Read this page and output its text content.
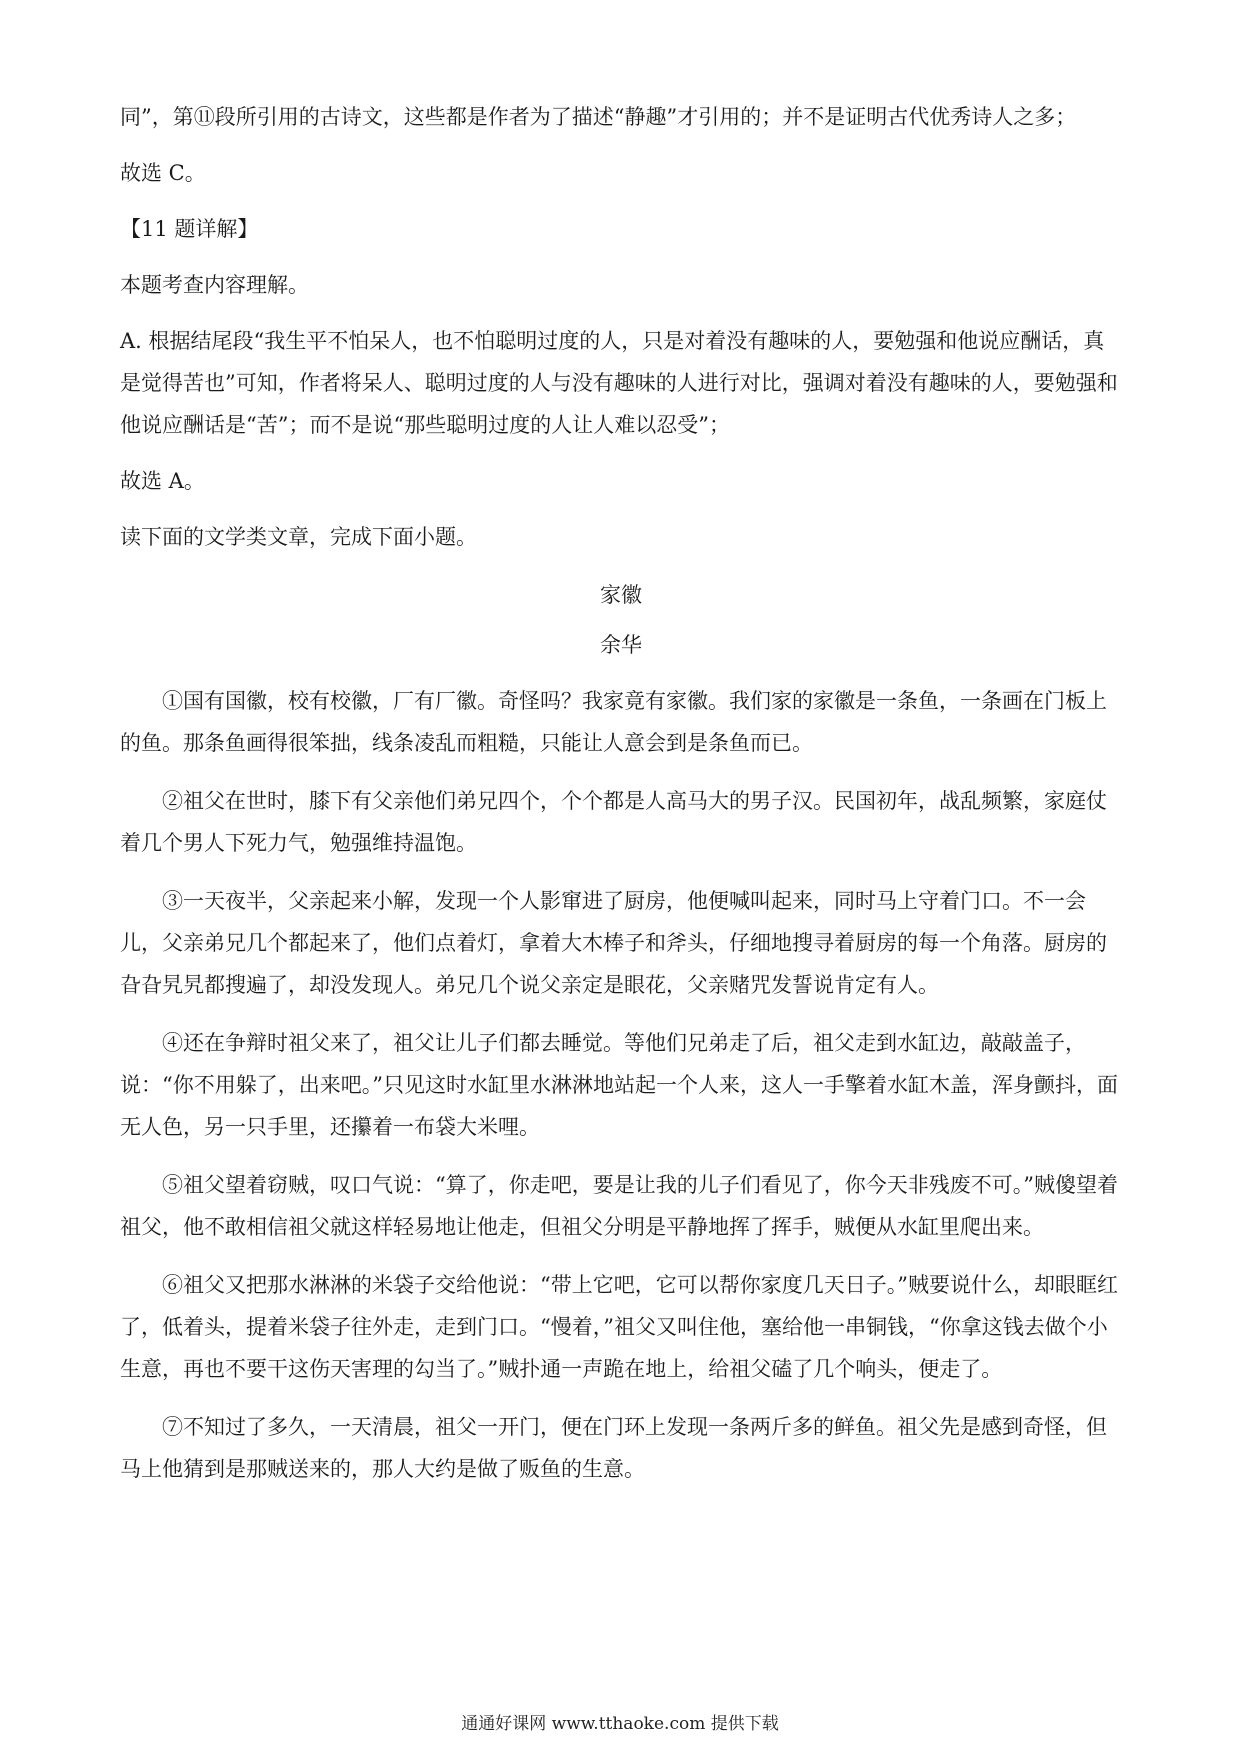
同”，第⑪段所引用的古诗文，这些都是作者为了描述“静趣”才引用的；并不是证明古代优秀诗人之多；

故选 C。

【11 题详解】

本题考查内容理解。

A. 根据结尾段“我生平不怕呆人，也不怕聪明过度的人，只是对着没有趣味的人，要勉强和他说应酬话，真是觉得苦也”可知，作者将呆人、聪明过度的人与没有趣味的人进行对比，强调对着没有趣味的人，要勉强和他说应酬话是“苦”；而不是说“那些聪明过度的人让人难以忍受”；

故选 A。

读下面的文学类文章，完成下面小题。

家徽

余华

①国有国徽，校有校徽，厂有厂徽。奇怪吗？我家竟有家徽。我们家的家徽是一条鱼，一条画在门板上的鱼。那条鱼画得很笨拙，线条凌乱而粗糙，只能让人意会到是条鱼而已。

②祖父在世时，膝下有父亲他们弟兄四个，个个都是人高马大的男子汉。民国初年，战乱频繁，家庭仗着几个男人下死力气，勉强维持温饱。

③一天夜半，父亲起来小解，发现一个人影窜进了厨房，他便喊叫起来，同时马上守着门口。不一会儿，父亲弟兄几个都起来了，他们点着灯，拿着大木棒子和斧头，仔细地搜寻着厨房的每一个角落。厨房的旮旮旯旯都搜遍了，却没发现人。弟兄几个说父亲定是眼花，父亲赌咒发誓说肯定有人。

④还在争辩时祖父来了，祖父让儿子们都去睡觉。等他们兄弟走了后，祖父走到水缸边，敲敲盖子，说：“你不用躲了，出来吧。”只见这时水缸里水淋淋地站起一个人来，这人一手擎着水缸木盖，浑身颤抖，面无人色，另一只手里，还攥着一布袋大米哩。

⑤祖父望着窃贼，叹口气说：“算了，你走吧，要是让我的儿子们看见了，你今天非残废不可。”贼傻望着祖父，他不敢相信祖父就这样轻易地让他走，但祖父分明是平静地挥了挥手，贼便从水缸里爬出来。

⑥祖父又把那水淋淋的米袋子交给他说：“带上它吧，它可以帮你家度几天日子。”贼要说什么，却眼眶红了，低着头，提着米袋子往外走，走到门口。“慢着，”祖父又叫住他，塞给他一串铜钱，“你拿这钱去做个小生意，再也不要干这伤天害理的勾当了。”贼扑通一声跪在地上，给祖父磕了几个响头，便走了。

⑦不知过了多久，一天清晨，祖父一开门，便在门环上发现一条两斤多的鲜鱼。祖父先是感到奇怪，但马上他猜到是那贼送来的，那人大约是做了贩鱼的生意。

通通好课网 www.tthaoke.com 提供下载
